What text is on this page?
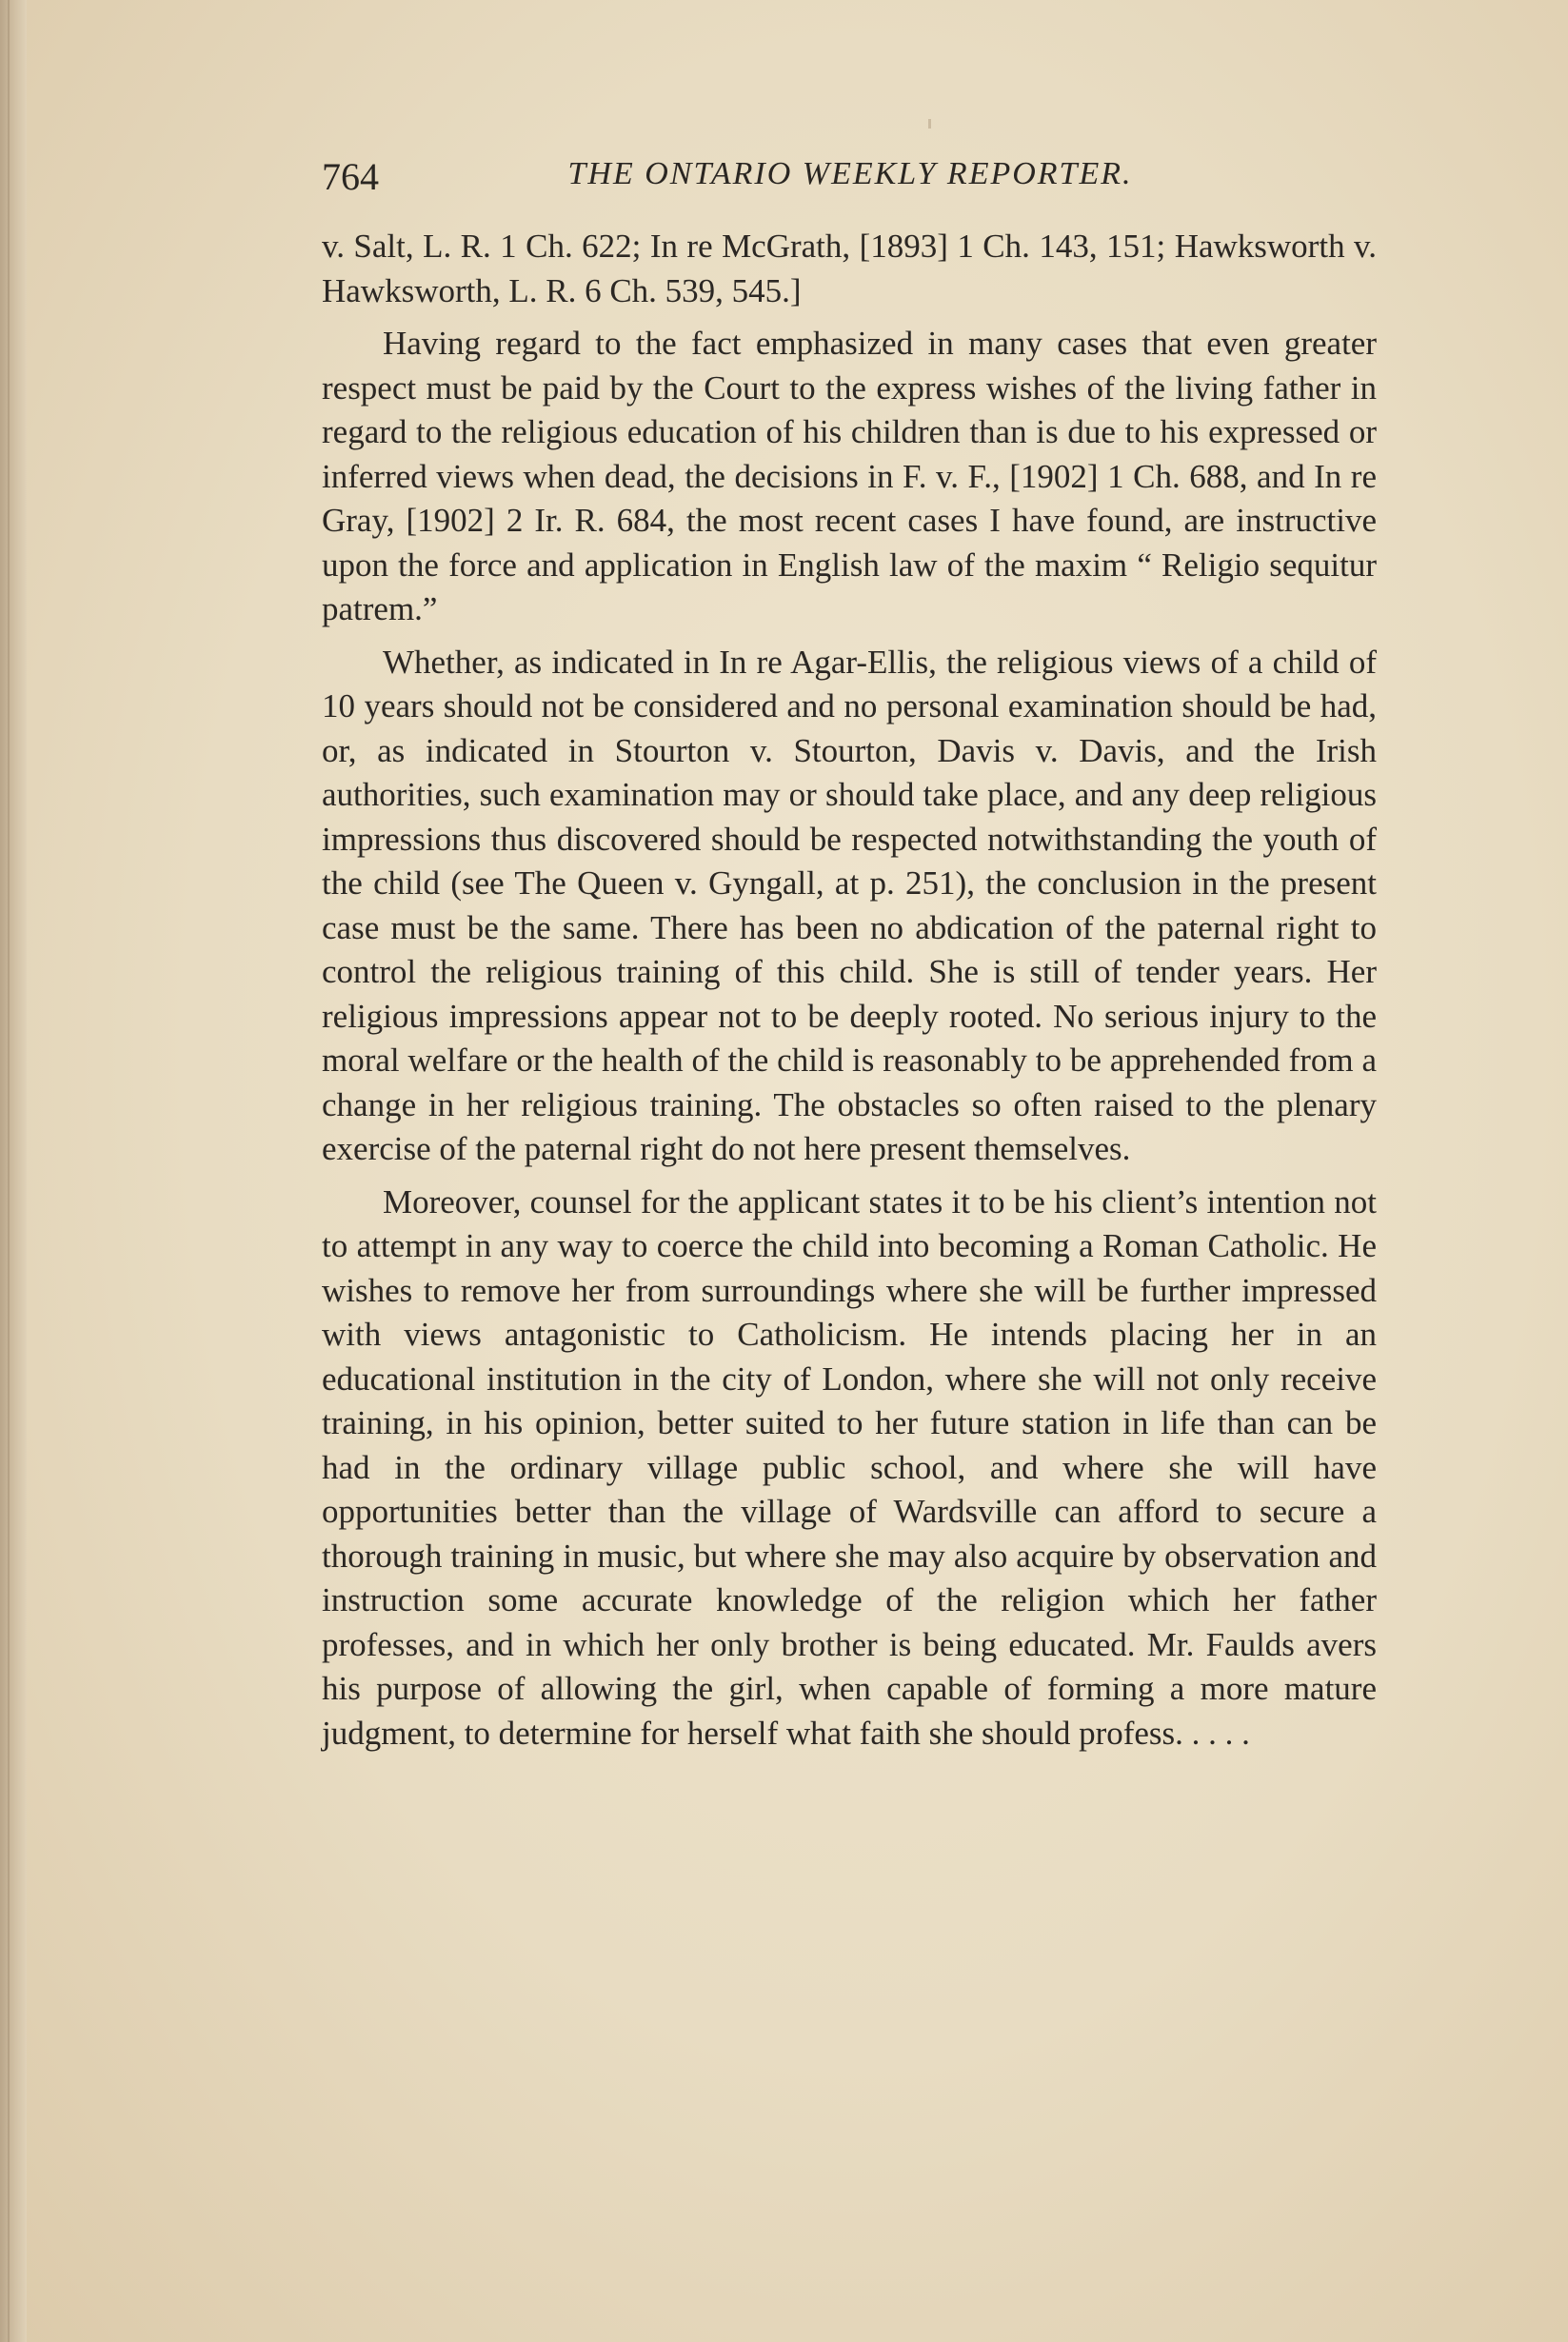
764	THE ONTARIO WEEKLY REPORTER.

v. Salt, L. R. 1 Ch. 622; In re McGrath, [1893] 1 Ch. 143, 151; Hawksworth v. Hawksworth, L. R. 6 Ch. 539, 545.]

Having regard to the fact emphasized in many cases that even greater respect must be paid by the Court to the express wishes of the living father in regard to the religious education of his children than is due to his expressed or inferred views when dead, the decisions in F. v. F., [1902] 1 Ch. 688, and In re Gray, [1902] 2 Ir. R. 684, the most recent cases I have found, are instructive upon the force and application in English law of the maxim “ Religio sequitur patrem.”

Whether, as indicated in In re Agar-Ellis, the religious views of a child of 10 years should not be considered and no personal examination should be had, or, as indicated in Stourton v. Stourton, Davis v. Davis, and the Irish authorities, such examination may or should take place, and any deep religious impressions thus discovered should be respected notwithstanding the youth of the child (see The Queen v. Gyngall, at p. 251), the conclusion in the present case must be the same. There has been no abdication of the paternal right to control the religious training of this child. She is still of tender years. Her religious impressions appear not to be deeply rooted. No serious injury to the moral welfare or the health of the child is reasonably to be apprehended from a change in her religious training. The obstacles so often raised to the plenary exercise of the paternal right do not here present themselves.

Moreover, counsel for the applicant states it to be his client’s intention not to attempt in any way to coerce the child into becoming a Roman Catholic. He wishes to remove her from surroundings where she will be further impressed with views antagonistic to Catholicism. He intends placing her in an educational institution in the city of London, where she will not only receive training, in his opinion, better suited to her future station in life than can be had in the ordinary village public school, and where she will have opportunities better than the village of Wardsville can afford to secure a thorough training in music, but where she may also acquire by observation and instruction some accurate knowledge of the religion which her father professes, and in which her only brother is being educated. Mr. Faulds avers his purpose of allowing the girl, when capable of forming a more mature judgment, to determine for herself what faith she should profess. . . . .
